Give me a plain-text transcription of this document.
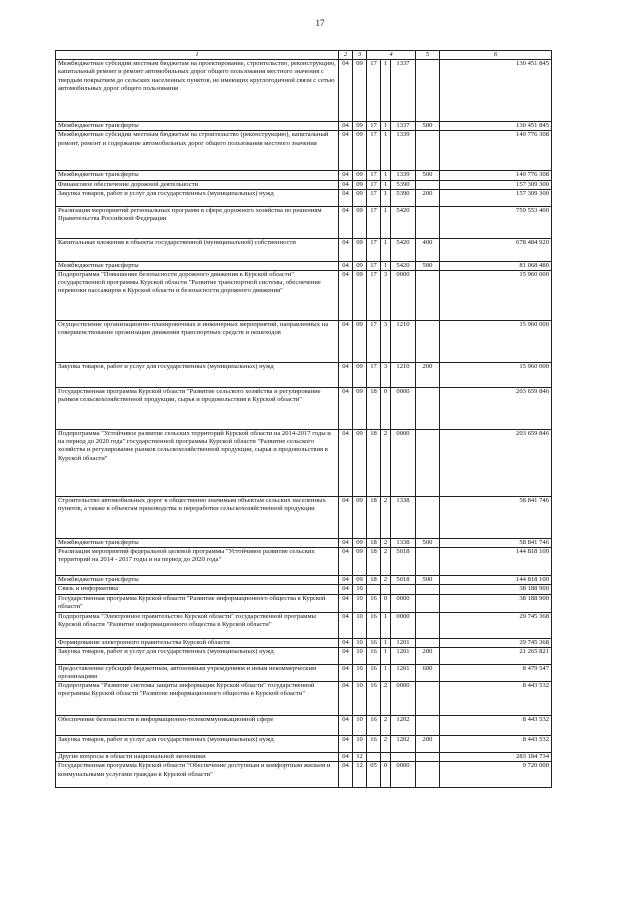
17
1	2	3	4			5	6
Межбюджетные субсидии местным бюджетам на проектирование, строительство, реконструкцию, капитальный ремонт и ремонт автомобильных дорог общего пользования местного значения с твердым покрытием до сельских населенных пунктов, не имеющих круглогодичной связи с сетью автомобильных дорог общего пользования	04	09	17	1	1337		130 451 845
Межбюджетные трансферты	04	09	17	1	1337	500	130 451 845
Межбюджетные субсидии местным бюджетам на строительство (реконструкцию), капитальный ремонт, ремонт и содержание автомобильных дорог общего пользования местного значения	04	09	17	1	1339		140 776 308
Межбюджетные трансферты	04	09	17	1	1339	500	140 776 308
Финансовое обеспечение дорожной деятельности	04	09	17	1	5390		157 309 300
Закупка товаров, работ и услуг для государственных (муниципальных) нужд	04	09	17	1	5390	200	157 309 300
Реализация мероприятий региональных программ в сфере дорожного хозяйства по решениям Правительства Российской Федерации	04	09	17	1	5420		759 553 400
Капитальные вложения в объекты государственной (муниципальной) собственности	04	09	17	1	5420	400	678 484 920
Межбюджетные трансферты	04	09	17	1	5420	500	81 068 480
Подпрограмма "Повышение безопасности дорожного движения в Курской области" государственной программы Курской области "Развитие транспортной системы, обеспечение перевозки пассажиров в Курской области и безопасности дорожного движения"	04	09	17	3	0000		15 960 000
Осуществление организационно-планировочных и инженерных мероприятий, направленных на совершенствование организации движения транспортных средств и пешеходов	04	09	17	3	1210		15 960 000
Закупка товаров, работ и услуг для государственных (муниципальных) нужд	04	09	17	3	1210	200	15 960 000
Государственная программа Курской области "Развитие сельского хозяйства и регулирование рынков сельскохозяйственной продукции, сырья и продовольствия в Курской области"	04	09	18	0	0000		203 659 846
Подпрограмма "Устойчивое развитие сельских территорий Курской области на 2014-2017 годы и на период до 2020 года" государственной программы Курской области "Развитие сельского хозяйства и регулирование рынков сельскохозяйственной продукции, сырья и продовольствия в Курской области"	04	09	18	2	0000		203 659 846
Строительство автомобильных дорог к общественно значимым объектам сельских населенных пунктов, а также к объектам производства и переработки сельскохозяйственной продукции	04	09	18	2	1338		58 841 746
Межбюджетные трансферты	04	09	18	2	1338	500	58 841 746
Реализация мероприятий федеральной целевой программы "Устойчивое развитие сельских территорий на 2014 - 2017 годы и на период до 2020 года"	04	09	18	2	5018		144 818 100
Межбюджетные трансферты	04	09	18	2	5018	500	144 818 100
Связь и информатика	04	10					38 188 900
Государственная программа Курской области "Развитие информационного общества в Курской области"	04	10	16	0	0000		38 188 900
Подпрограмма "Электронное правительство Курской области" государственной программы Курской области "Развитие информационного общества в Курской области"	04	10	16	1	0000		29 745 368
Формирование электронного правительства Курской области	04	10	16	1	1201		29 745 368
Закупка товаров, работ и услуг для государственных (муниципальных) нужд	04	10	16	1	1201	200	21 265 821
Предоставление субсидий бюджетным, автономным учреждениям и иным некоммерческим организациям	04	10	16	1	1201	600	8 479 547
Подпрограмма "Развитие системы защиты информации Курской области" государственной программы Курской области "Развитие информационного общества в Курской области"	04	10	16	2	0000		8 443 532
Обеспечение безопасности в информационно-телекоммуникационной сфере	04	10	16	2	1202		8 443 532
Закупка товаров, работ и услуг для государственных (муниципальных) нужд	04	10	16	2	1202	200	8 443 532
Другие вопросы в области национальной экономики	04	12					283 184 734
Государственная программа Курской области "Обеспечение доступным и комфортным жильем и коммунальными услугами граждан в Курской области"	04	12	05	0	0000		9 720 000
